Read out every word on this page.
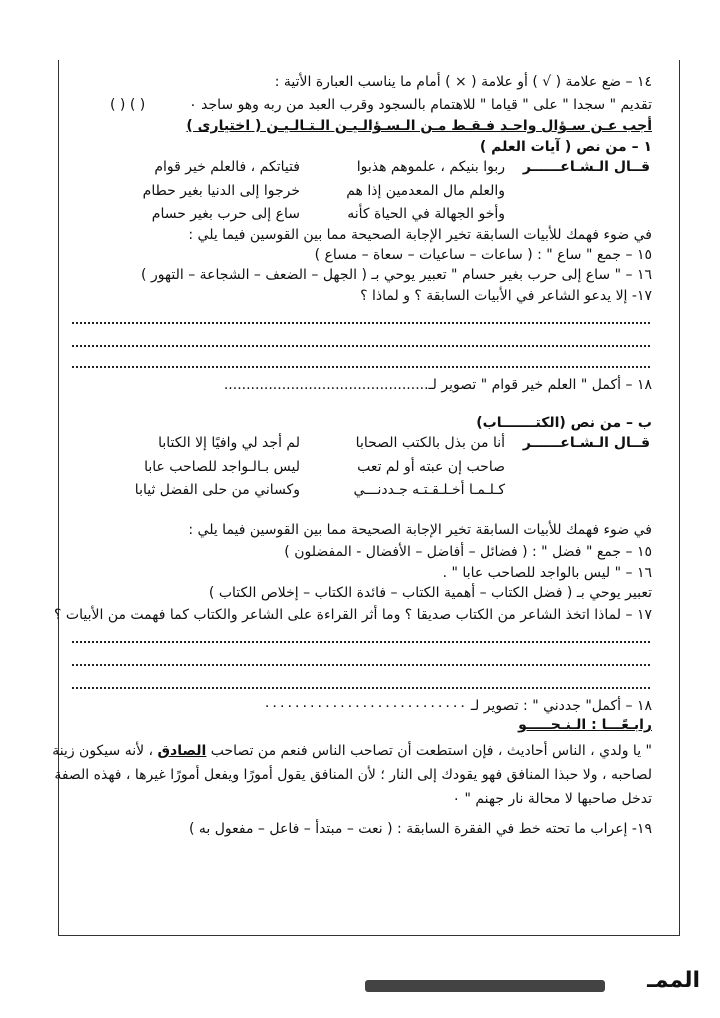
١٤ – ضع علامة ( √ ) أو علامة ( × ) أمام ما يناسب العبارة الأتية :
تقديم " سجدا " على " قياما " للاهتمام بالسجود وقرب العبد من ربه وهو ساجد ٠
( ) ( )
أجب عـن سـؤال واحـد فـقـط مـن الـسـؤالـيـن الـتـالـيـن ( اختيارى )
١ – من نص ( آيات العلم )
قــال الـشـاعــــــر
ربوا بنيكم ، علموهم هذبوا
فتياتكم ، فالعلم خير قوام
والعلم مال المعدمين إذا هم
خرجوا إلى الدنيا بغير حطام
وأخو الجهالة في الحياة كأنه
ساع إلى حرب بغير حسام
في ضوء فهمك للأبيات السابقة تخير الإجابة الصحيحة مما بين القوسين فيما يلي :
١٥ – جمع " ساع " : ( ساعات – ساعيات – سعاة – مساع )
١٦ – " ساع إلى حرب بغير حسام " تعبير يوحي بـ ( الجهل – الضعف – الشجاعة – التهور )
١٧- إلا يدعو الشاعر في الأبيات السابقة ؟ و لماذا ؟
١٨ – أكمل " العلم خير قوام " تصوير لـ..............................................
ب – من نص (الكتـــــــاب)
قــال الـشـاعــــــر
أنا من بذل بالكتب الصحابا
لم أجد لي وافيًا إلا الكتابا
صاحب إن عبته أو لم تعب
ليس بـالـواجد للصاحب عابا
كـلـمـا أخـلـقـتـه جـددنـــي
وكساني من حلى الفضل ثيابا
في ضوء فهمك للأبيات السابقة تخير الإجابة الصحيحة مما بين القوسين فيما يلي :
١٥ – جمع " فضل " : ( فضائل – أفاضل – الأفضال - المفضلون )
١٦ – " ليس بالواجد للصاحب عابا " .
تعبير يوحي بـ ( فضل الكتاب – أهمية الكتاب – فائدة الكتاب – إخلاص الكتاب )
١٧ – لماذا اتخذ الشاعر من الكتاب صديقا ؟ وما أثر القراءة على الشاعر والكتاب كما فهمت من الأبيات ؟
١٨ – أكمل" جددني " : تصوير لـ ٠٠٠٠٠٠٠٠٠٠٠٠٠٠٠٠٠٠٠٠٠٠٠٠٠٠٠
رابـعًـــا : الـنـحـــــو
" يا ولدي ، الناس أحاديث ، فإن استطعت أن تصاحب الناس فنعم من تصاحب الصادق ، لأنه سيكون زينة
لصاحبه ، ولا حبذا المنافق فهو يقودك إلى النار ؛ لأن المنافق يقول أمورًا ويفعل أمورًا غيرها ، فهذه الصفة
تدخل صاحبها لا محالة نار جهنم " ٠
١٩- إعراب ما تحته خط في الفقرة السابقة : ( نعت – مبتدأ – فاعل – مفعول به )
الممـ
